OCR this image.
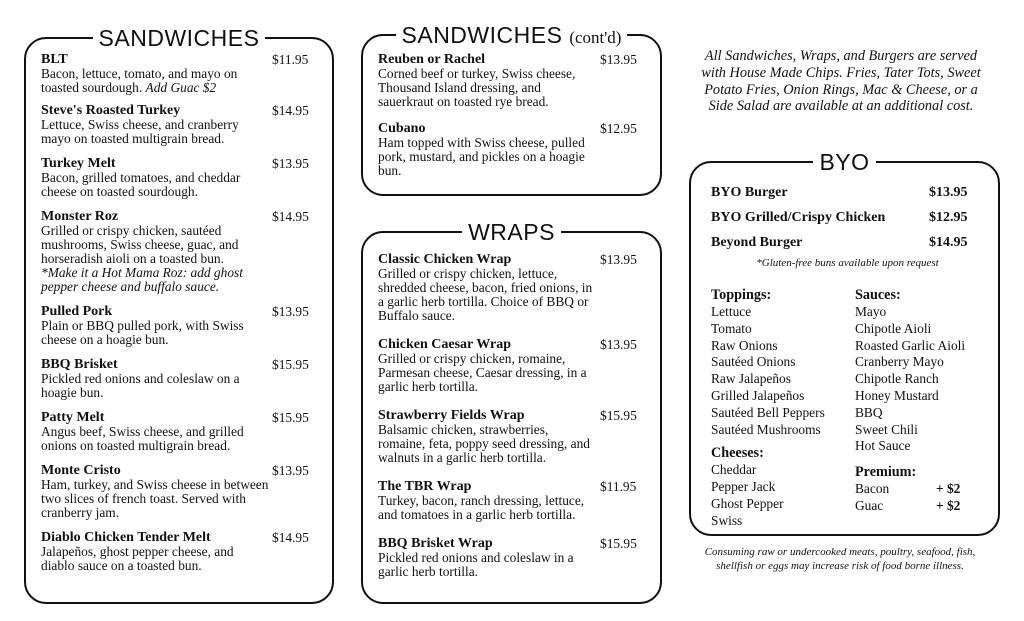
SANDWICHES
BLT	$11.95
Bacon, lettuce, tomato, and mayo on toasted sourdough. Add Guac $2
Steve's Roasted Turkey	$14.95
Lettuce, Swiss cheese, and cranberry mayo on toasted multigrain bread.
Turkey Melt	$13.95
Bacon, grilled tomatoes, and cheddar cheese on toasted sourdough.
Monster Roz	$14.95
Grilled or crispy chicken, sautéed mushrooms, Swiss cheese, guac, and horseradish aioli on a toasted bun.
*Make it a Hot Mama Roz: add ghost pepper cheese and buffalo sauce.
Pulled Pork	$13.95
Plain or BBQ pulled pork, with Swiss cheese on a hoagie bun.
BBQ Brisket	$15.95
Pickled red onions and coleslaw on a hoagie bun.
Patty Melt	$15.95
Angus beef, Swiss cheese, and grilled onions on toasted multigrain bread.
Monte Cristo	$13.95
Ham, turkey, and Swiss cheese in between two slices of french toast. Served with cranberry jam.
Diablo Chicken Tender Melt	$14.95
Jalapeños, ghost pepper cheese, and diablo sauce on a toasted bun.
SANDWICHES (cont'd)
Reuben or Rachel	$13.95
Corned beef or turkey, Swiss cheese, Thousand Island dressing, and sauerkraut on toasted rye bread.
Cubano	$12.95
Ham topped with Swiss cheese, pulled pork, mustard, and pickles on a hoagie bun.
WRAPS
Classic Chicken Wrap	$13.95
Grilled or crispy chicken, lettuce, shredded cheese, bacon, fried onions, in a garlic herb tortilla. Choice of BBQ or Buffalo sauce.
Chicken Caesar Wrap	$13.95
Grilled or crispy chicken, romaine, Parmesan cheese, Caesar dressing, in a garlic herb tortilla.
Strawberry Fields Wrap	$15.95
Balsamic chicken, strawberries, romaine, feta, poppy seed dressing, and walnuts in a garlic herb tortilla.
The TBR Wrap	$11.95
Turkey, bacon, ranch dressing, lettuce, and tomatoes in a garlic herb tortilla.
BBQ Brisket Wrap	$15.95
Pickled red onions and coleslaw in a garlic herb tortilla.
All Sandwiches, Wraps, and Burgers are served with House Made Chips. Fries, Tater Tots, Sweet Potato Fries, Onion Rings, Mac & Cheese, or a Side Salad are available at an additional cost.
BYO
BYO Burger	$13.95
BYO Grilled/Crispy Chicken	$12.95
Beyond Burger	$14.95
*Gluten-free buns available upon request
Toppings:
Lettuce
Tomato
Raw Onions
Sautéed Onions
Raw Jalapeños
Grilled Jalapeños
Sautéed Bell Peppers
Sautéed Mushrooms
Cheeses:
Cheddar
Pepper Jack
Ghost Pepper
Swiss
Sauces:
Mayo
Chipotle Aioli
Roasted Garlic Aioli
Cranberry Mayo
Chipotle Ranch
Honey Mustard
BBQ
Sweet Chili
Hot Sauce
Premium:
Bacon	+ $2
Guac	+ $2
Consuming raw or undercooked meats, poultry, seafood, fish, shellfish or eggs may increase risk of food borne illness.
